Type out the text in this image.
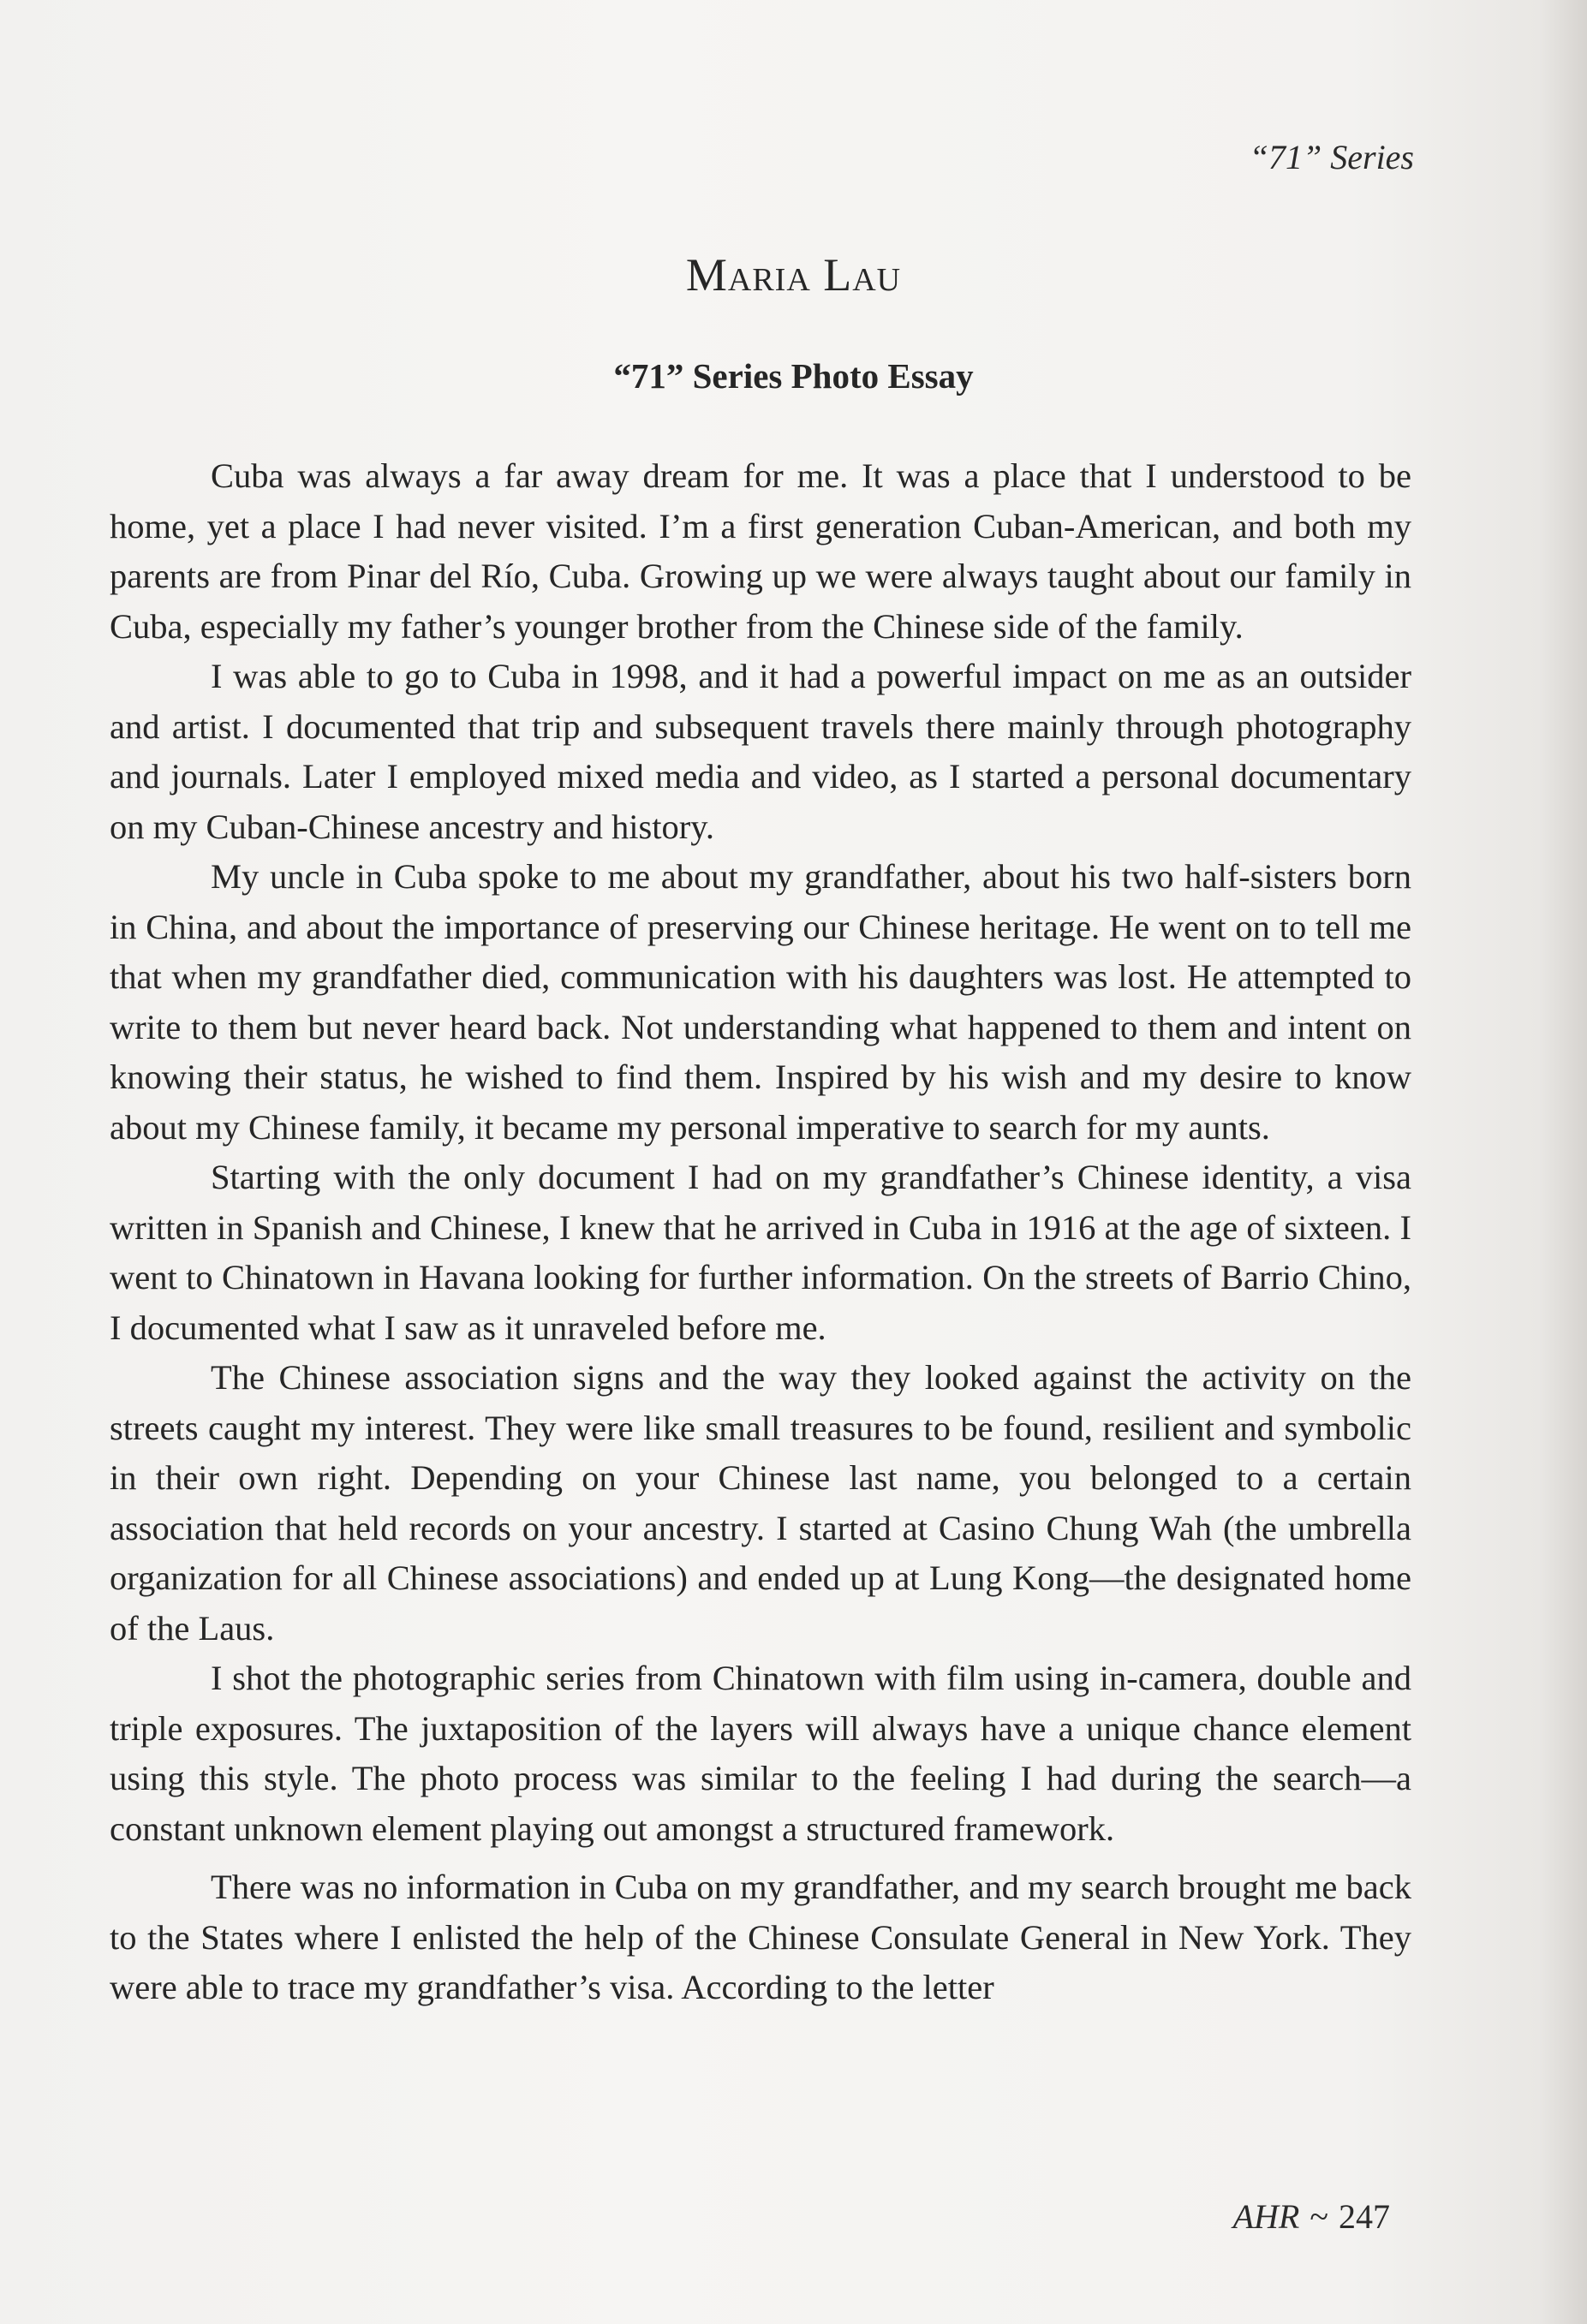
“71” Series
Maria Lau
“71” Series Photo Essay

Cuba was always a far away dream for me. It was a place that I understood to be home, yet a place I had never visited. I’m a first generation Cuban-American, and both my parents are from Pinar del Río, Cuba. Growing up we were always taught about our family in Cuba, especially my father’s younger brother from the Chinese side of the family.

I was able to go to Cuba in 1998, and it had a powerful impact on me as an outsider and artist. I documented that trip and subsequent travels there mainly through photography and journals. Later I employed mixed media and video, as I started a personal documentary on my Cuban-Chinese ancestry and history.

My uncle in Cuba spoke to me about my grandfather, about his two half-sisters born in China, and about the importance of preserving our Chinese heritage. He went on to tell me that when my grandfather died, communication with his daughters was lost. He attempted to write to them but never heard back. Not understanding what happened to them and intent on knowing their status, he wished to find them. Inspired by his wish and my desire to know about my Chinese family, it became my personal imperative to search for my aunts.

Starting with the only document I had on my grandfather’s Chinese identity, a visa written in Spanish and Chinese, I knew that he arrived in Cuba in 1916 at the age of sixteen. I went to Chinatown in Havana looking for further information. On the streets of Barrio Chino, I documented what I saw as it unraveled before me.

The Chinese association signs and the way they looked against the activity on the streets caught my interest. They were like small treasures to be found, resilient and symbolic in their own right. Depending on your Chinese last name, you belonged to a certain association that held records on your ancestry. I started at Casino Chung Wah (the umbrella organization for all Chinese associations) and ended up at Lung Kong—the designated home of the Laus.

I shot the photographic series from Chinatown with film using in-camera, double and triple exposures. The juxtaposition of the layers will always have a unique chance element using this style. The photo process was similar to the feeling I had during the search—a constant unknown element playing out amongst a structured framework.

There was no information in Cuba on my grandfather, and my search brought me back to the States where I enlisted the help of the Chinese Consulate General in New York. They were able to trace my grandfather’s visa. According to the letter

AHR ~ 247
